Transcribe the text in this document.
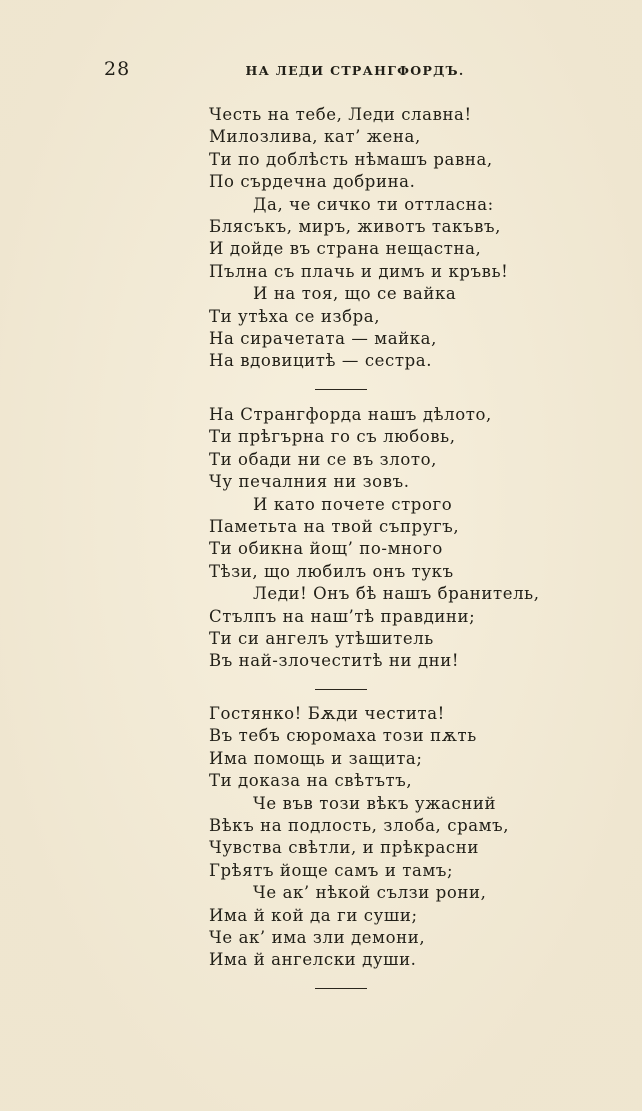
28	НА ЛЕДИ СТРАНГФОРДЪ.
Честь на тебе, Леди славна!
Милозлива, кат’ жена,
Ти по доблѣсть нѣмашъ равна,
По сърдечна добрина.
Да, че сичко ти оттласна:
Блясъкъ, миръ, животъ такъвъ,
И дойде въ страна нещастна,
Пълна съ плачь и димъ и кръвь!
И на тоя, що се вайка
Ти утѣха се избра,
На сирачетата — майка,
На вдовицитѣ — сестра.
На Странгфорда нашъ дѣлото,
Ти прѣгърна го съ любовь,
Ти обади ни се въ злото,
Чу печалния ни зовъ.
И като почете строго
Паметьта на твой съпругъ,
Ти обикна йощ’ по-много
Тѣзи, що любилъ онъ тукъ
Леди! Онъ бѣ нашъ бранитель,
Стълпъ на наш’тѣ правдини;
Ти си ангелъ утѣшитель
Въ най-злочеститѣ ни дни!
Гостянко! Бѫди честита!
Въ тебъ сюромаха този пѫть
Има помощь и защита;
Ти доказа на свѣтътъ,
Че във този вѣкъ ужасний
Вѣкъ на подлость, злоба, срамъ,
Чувства свѣтли, и прѣкрасни
Грѣятъ йоще самъ и тамъ;
Че ак’ нѣкой сълзи рони,
Има й кой да ги суши;
Че ак’ има зли демони,
Има й ангелски души.
